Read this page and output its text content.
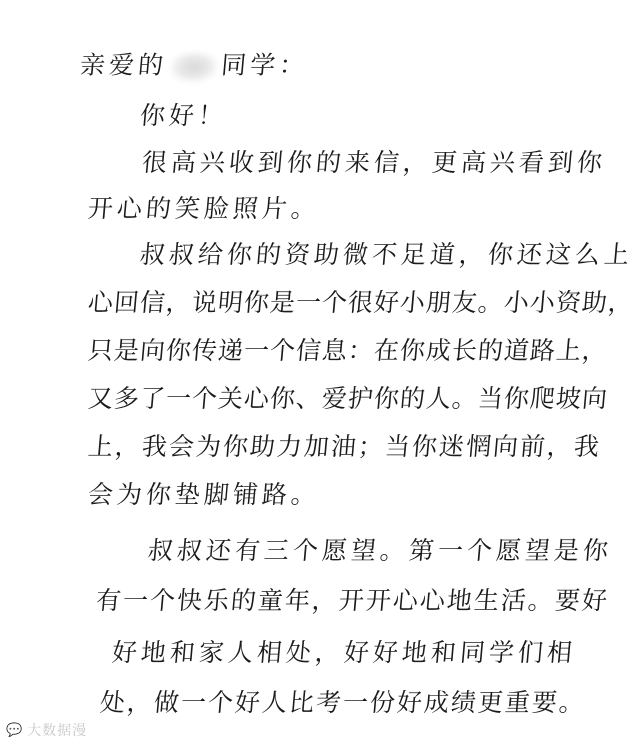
亲爱的 同学：
你好！
很高兴收到你的来信，更高兴看到你
开心的笑脸照片。
叔叔给你的资助微不足道，你还这么上
心回信，说明你是一个很好小朋友。小小资助，
只是向你传递一个信息：在你成长的道路上，
又多了一个关心你、爱护你的人。当你爬坡向
上，我会为你助力加油；当你迷惘向前，我
会为你垫脚铺路。
叔叔还有三个愿望。第一个愿望是你
有一个快乐的童年，开开心心地生活。要好
好地和家人相处，好好地和同学们相
处，做一个好人比考一份好成绩更重要。
💬 大数据漫
